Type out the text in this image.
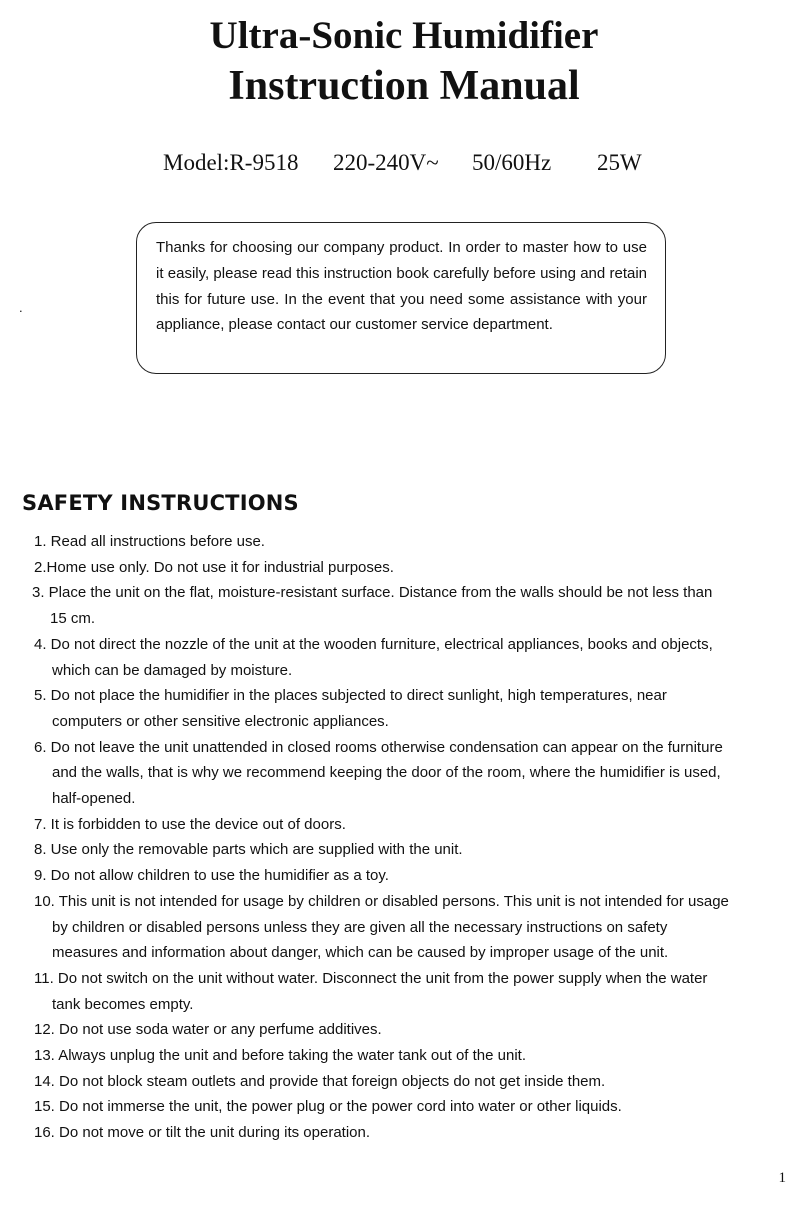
Ultra-Sonic Humidifier
Instruction Manual
Model:R-9518 220-240V~ 50/60Hz 25W
.

Thanks for choosing our company product. In order to master how to use it easily, please read this instruction book carefully before using and retain this for future use. In the event that you need some assistance with your appliance, please contact our customer service department.

SAFETY INSTRUCTIONS
1. Read all instructions before use.
2.Home use only. Do not use it for industrial purposes.
3. Place the unit on the flat, moisture-resistant surface. Distance from the walls should be not less than
15 cm.
4. Do not direct the nozzle of the unit at the wooden furniture, electrical appliances, books and objects,
which can be damaged by moisture.
5. Do not place the humidifier in the places subjected to direct sunlight, high temperatures, near
computers or other sensitive electronic appliances.
6. Do not leave the unit unattended in closed rooms otherwise condensation can appear on the furniture
and the walls, that is why we recommend keeping the door of the room, where the humidifier is used,
half-opened.
7. It is forbidden to use the device out of doors.
8. Use only the removable parts which are supplied with the unit.
9. Do not allow children to use the humidifier as a toy.
10. This unit is not intended for usage by children or disabled persons. This unit is not intended for usage
by children or disabled persons unless they are given all the necessary instructions on safety
measures and information about danger, which can be caused by improper usage of the unit.
11. Do not switch on the unit without water. Disconnect the unit from the power supply when the water
tank becomes empty.
12. Do not use soda water or any perfume additives.
13. Always unplug the unit and before taking the water tank out of the unit.
14. Do not block steam outlets and provide that foreign objects do not get inside them.
15. Do not immerse the unit, the power plug or the power cord into water or other liquids.
16. Do not move or tilt the unit during its operation.
1
